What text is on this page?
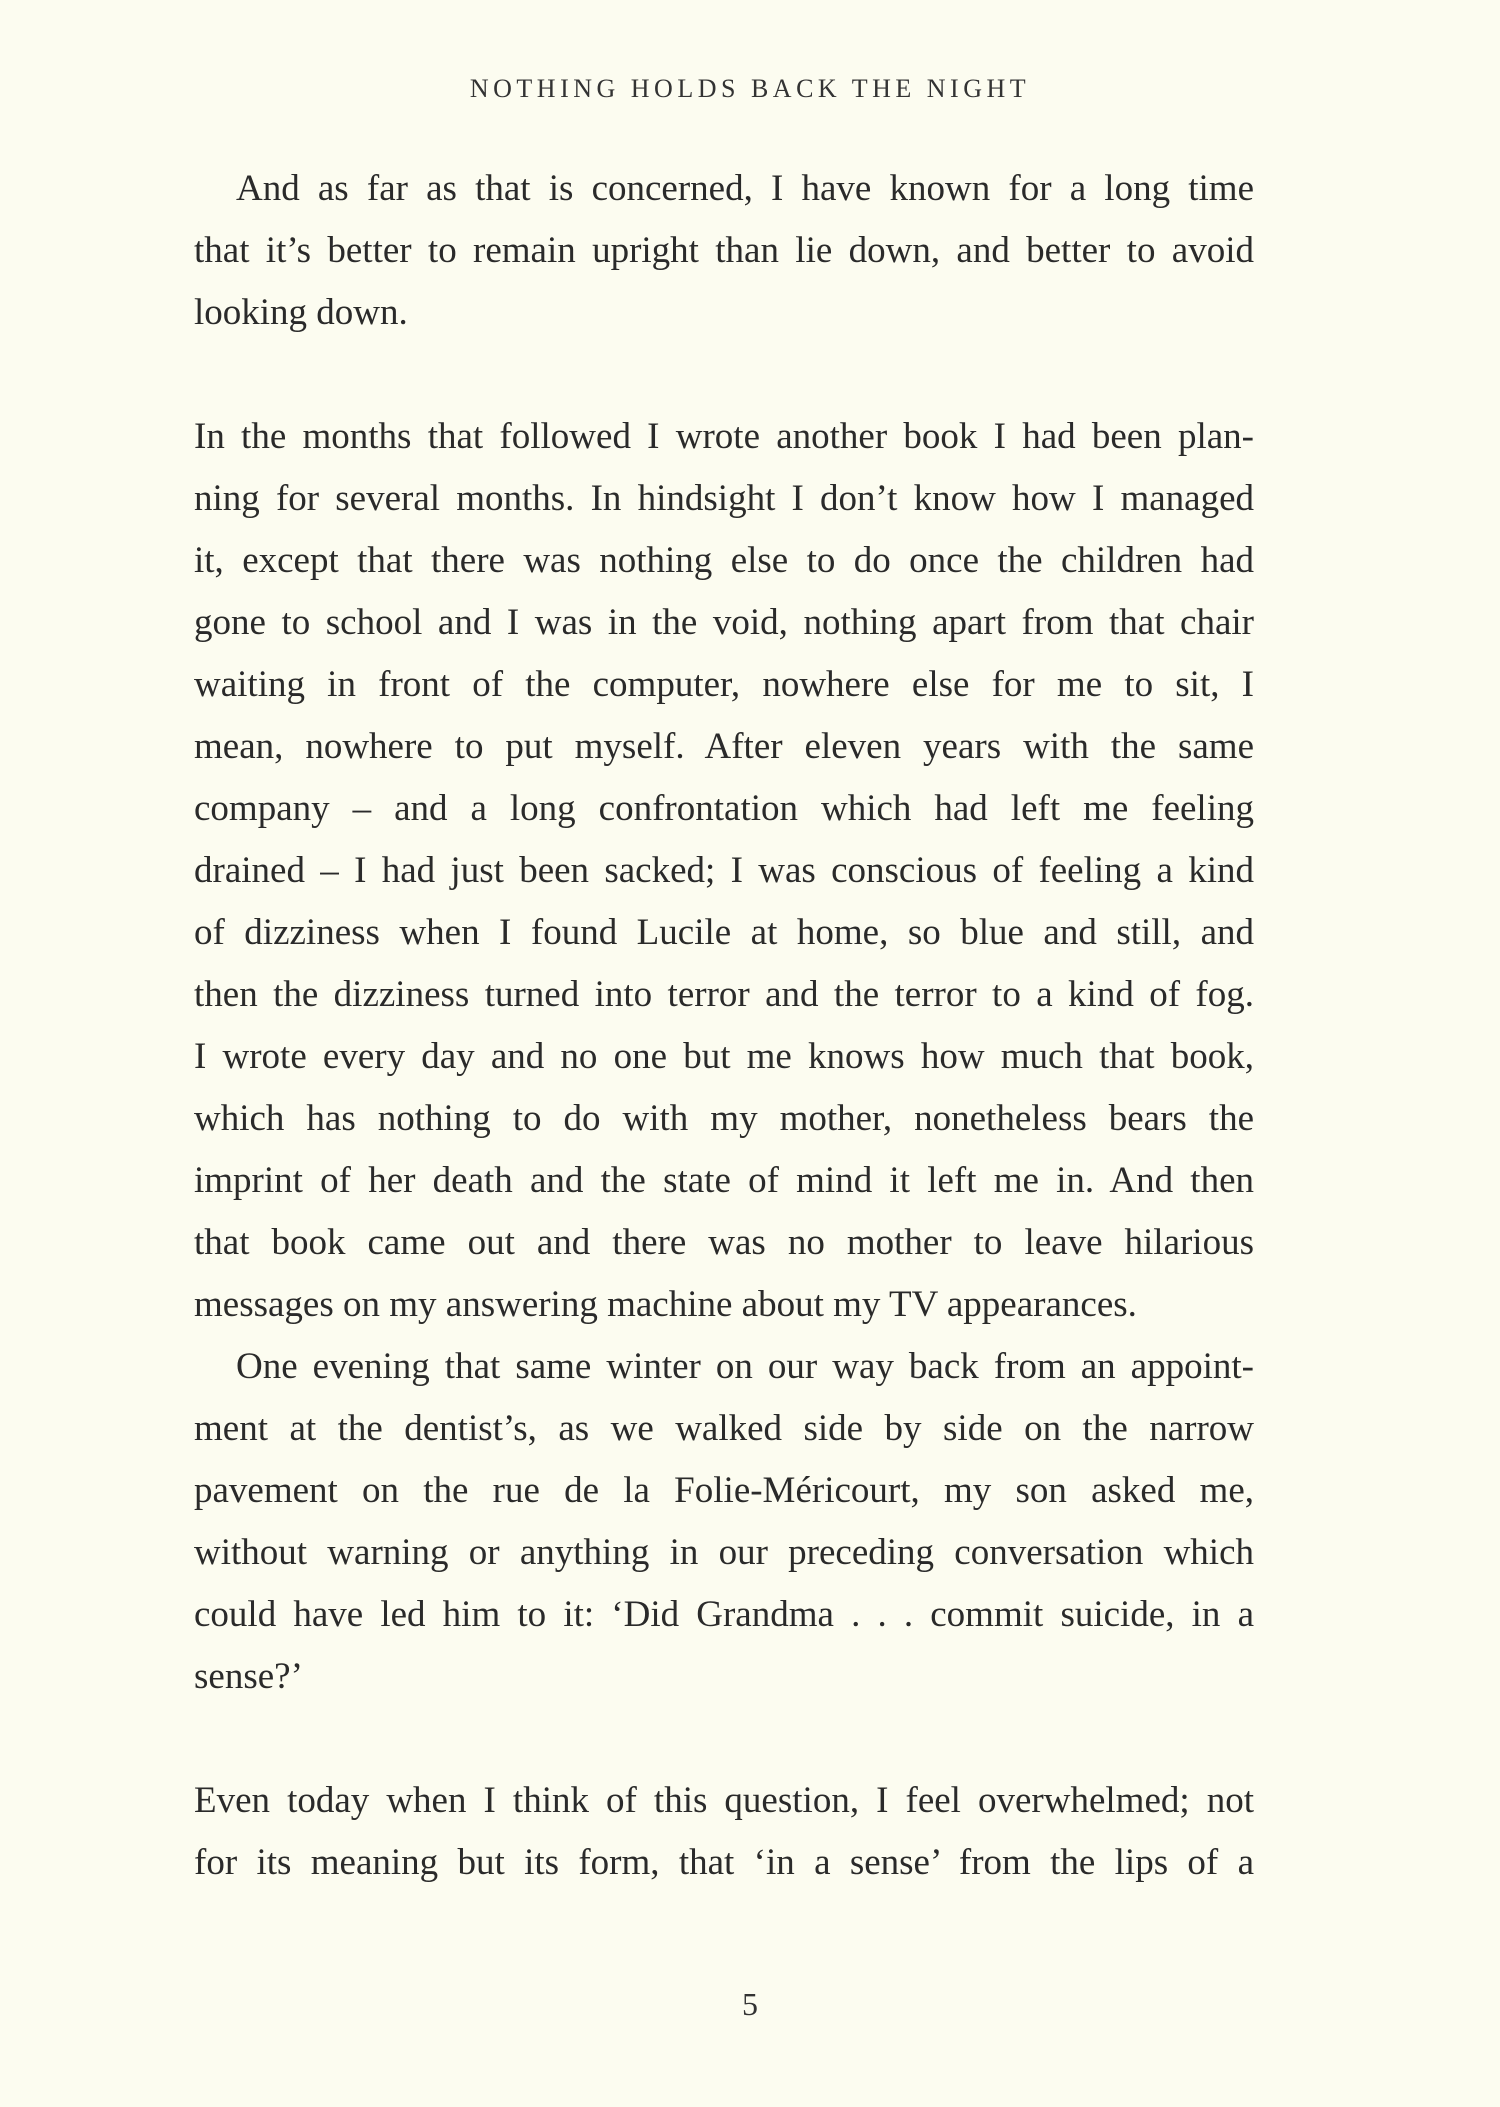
NOTHING HOLDS BACK THE NIGHT
And as far as that is concerned, I have known for a long time
that it’s better to remain upright than lie down, and better to avoid
looking down.
In the months that followed I wrote another book I had been plan-
ning for several months. In hindsight I don’t know how I managed
it, except that there was nothing else to do once the children had
gone to school and I was in the void, nothing apart from that chair
waiting in front of the computer, nowhere else for me to sit, I
mean, nowhere to put myself. After eleven years with the same
company – and a long confrontation which had left me feeling
drained – I had just been sacked; I was conscious of feeling a kind
of dizziness when I found Lucile at home, so blue and still, and
then the dizziness turned into terror and the terror to a kind of fog.
I wrote every day and no one but me knows how much that book,
which has nothing to do with my mother, nonetheless bears the
imprint of her death and the state of mind it left me in. And then
that book came out and there was no mother to leave hilarious
messages on my answering machine about my TV appearances.
One evening that same winter on our way back from an appoint-
ment at the dentist’s, as we walked side by side on the narrow
pavement on the rue de la Folie-Méricourt, my son asked me,
without warning or anything in our preceding conversation which
could have led him to it: ‘Did Grandma . . . commit suicide, in a
sense?’
Even today when I think of this question, I feel overwhelmed; not
for its meaning but its form, that ‘in a sense’ from the lips of a
5
